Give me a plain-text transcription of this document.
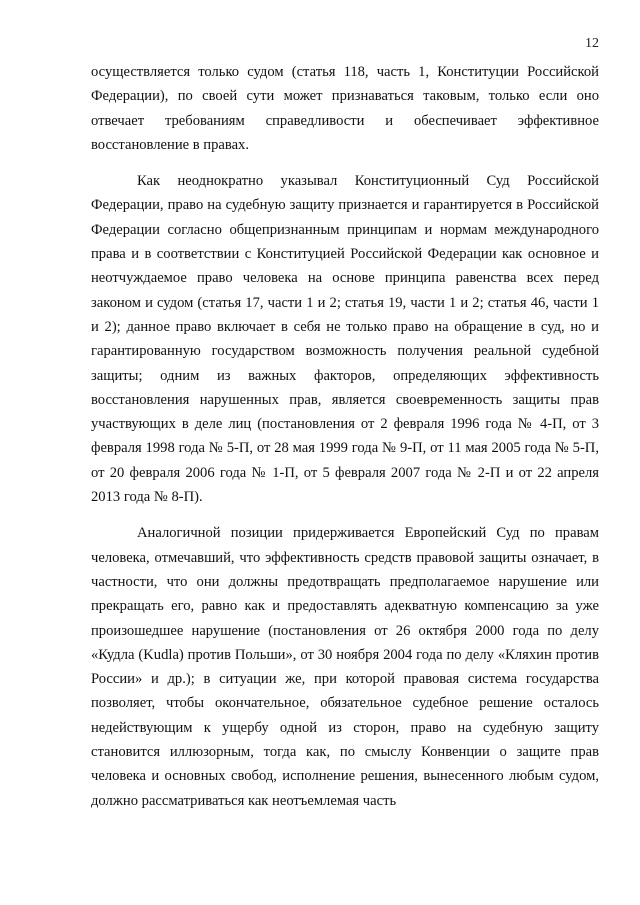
12

осуществляется только судом (статья 118, часть 1, Конституции Российской Федерации), по своей сути может признаваться таковым, только если оно отвечает требованиям справедливости и обеспечивает эффективное восстановление в правах.

Как неоднократно указывал Конституционный Суд Российской Федерации, право на судебную защиту признается и гарантируется в Российской Федерации согласно общепризнанным принципам и нормам международного права и в соответствии с Конституцией Российской Федерации как основное и неотчуждаемое право человека на основе принципа равенства всех перед законом и судом (статья 17, части 1 и 2; статья 19, части 1 и 2; статья 46, части 1 и 2); данное право включает в себя не только право на обращение в суд, но и гарантированную государством возможность получения реальной судебной защиты; одним из важных факторов, определяющих эффективность восстановления нарушенных прав, является своевременность защиты прав участвующих в деле лиц (постановления от 2 февраля 1996 года № 4-П, от 3 февраля 1998 года № 5-П, от 28 мая 1999 года № 9-П, от 11 мая 2005 года № 5-П, от 20 февраля 2006 года № 1-П, от 5 февраля 2007 года № 2-П и от 22 апреля 2013 года № 8-П).

Аналогичной позиции придерживается Европейский Суд по правам человека, отмечавший, что эффективность средств правовой защиты означает, в частности, что они должны предотвращать предполагаемое нарушение или прекращать его, равно как и предоставлять адекватную компенсацию за уже произошедшее нарушение (постановления от 26 октября 2000 года по делу «Кудла (Kudla) против Польши», от 30 ноября 2004 года по делу «Кляхин против России» и др.); в ситуации же, при которой правовая система государства позволяет, чтобы окончательное, обязательное судебное решение осталось недействующим к ущербу одной из сторон, право на судебную защиту становится иллюзорным, тогда как, по смыслу Конвенции о защите прав человека и основных свобод, исполнение решения, вынесенного любым судом, должно рассматриваться как неотъемлемая часть
